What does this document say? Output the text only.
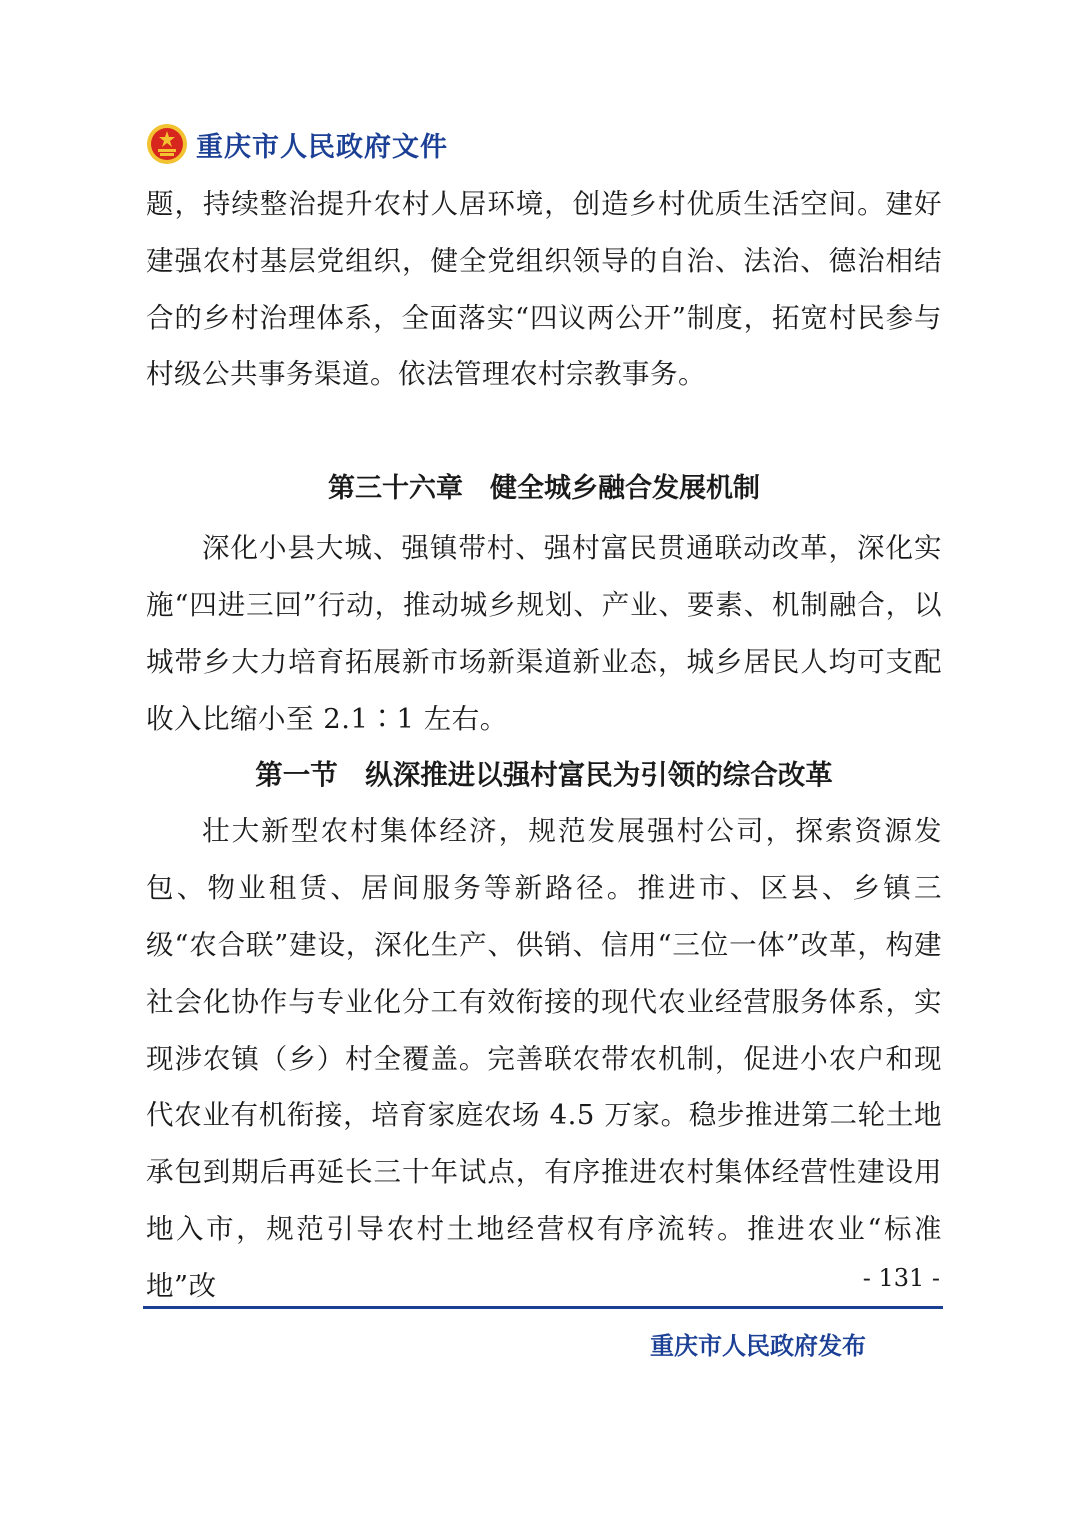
重庆市人民政府文件

题，持续整治提升农村人居环境，创造乡村优质生活空间。建好建强农村基层党组织，健全党组织领导的自治、法治、德治相结合的乡村治理体系，全面落实“四议两公开”制度，拓宽村民参与村级公共事务渠道。依法管理农村宗教事务。

第三十六章　健全城乡融合发展机制

深化小县大城、强镇带村、强村富民贯通联动改革，深化实施“四进三回”行动，推动城乡规划、产业、要素、机制融合，以城带乡大力培育拓展新市场新渠道新业态，城乡居民人均可支配收入比缩小至 2.1∶1 左右。

第一节　纵深推进以强村富民为引领的综合改革

壮大新型农村集体经济，规范发展强村公司，探索资源发包、物业租赁、居间服务等新路径。推进市、区县、乡镇三级“农合联”建设，深化生产、供销、信用“三位一体”改革，构建社会化协作与专业化分工有效衔接的现代农业经营服务体系，实现涉农镇（乡）村全覆盖。完善联农带农机制，促进小农户和现代农业有机衔接，培育家庭农场 4.5 万家。稳步推进第二轮土地承包到期后再延长三十年试点，有序推进农村集体经营性建设用地入市，规范引导农村土地经营权有序流转。推进农业“标准地”改	- 131 -
重庆市人民政府发布
